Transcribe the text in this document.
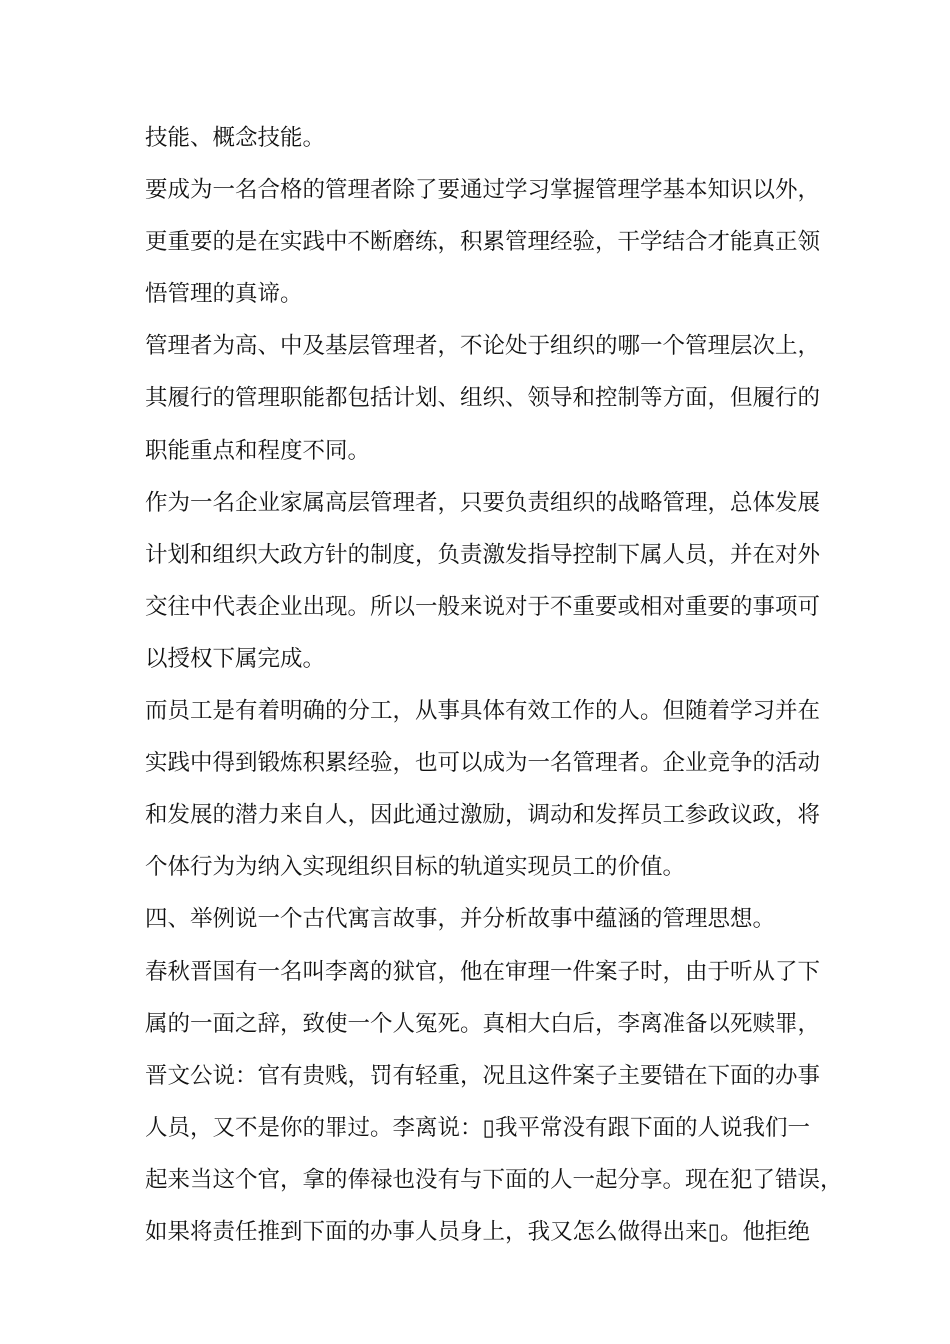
技能、概念技能。
要成为一名合格的管理者除了要通过学习掌握管理学基本知识以外，
更重要的是在实践中不断磨练，积累管理经验，干学结合才能真正领
悟管理的真谛。
管理者为高、中及基层管理者，不论处于组织的哪一个管理层次上，
其履行的管理职能都包括计划、组织、领导和控制等方面，但履行的
职能重点和程度不同。
作为一名企业家属高层管理者，只要负责组织的战略管理，总体发展
计划和组织大政方针的制度，负责激发指导控制下属人员，并在对外
交往中代表企业出现。所以一般来说对于不重要或相对重要的事项可
以授权下属完成。
而员工是有着明确的分工，从事具体有效工作的人。但随着学习并在
实践中得到锻炼积累经验，也可以成为一名管理者。企业竞争的活动
和发展的潜力来自人，因此通过激励，调动和发挥员工参政议政，将
个体行为为纳入实现组织目标的轨道实现员工的价值。
四、举例说一个古代寓言故事，并分析故事中蕴涵的管理思想。
春秋晋国有一名叫李离的狱官，他在审理一件案子时，由于听从了下
属的一面之辞，致使一个人冤死。真相大白后，李离准备以死赎罪，
晋文公说：官有贵贱，罚有轻重，况且这件案子主要错在下面的办事
人员，又不是你的罪过。李离说：▯我平常没有跟下面的人说我们一
起来当这个官，拿的俸禄也没有与下面的人一起分享。现在犯了错误，
如果将责任推到下面的办事人员身上，我又怎么做得出来▯。他拒绝
